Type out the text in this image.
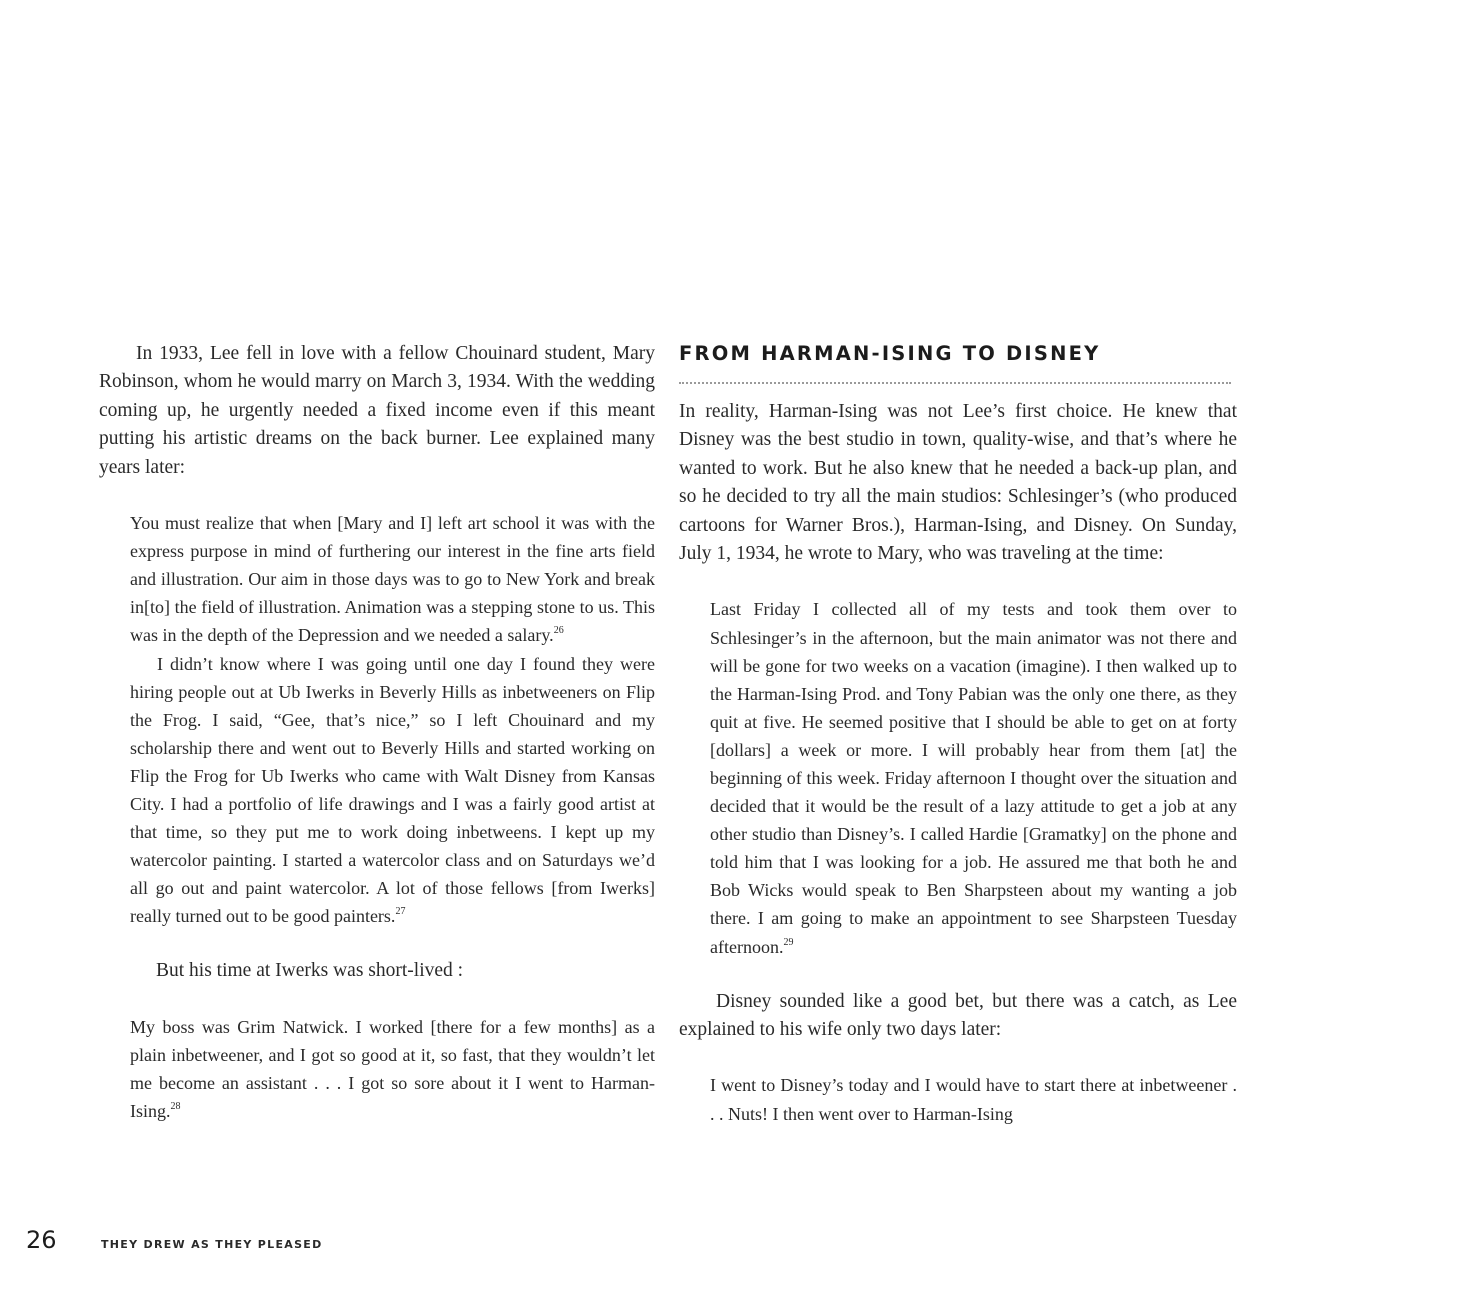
In 1933, Lee fell in love with a fellow Chouinard student, Mary Robinson, whom he would marry on March 3, 1934. With the wedding coming up, he urgently needed a fixed income even if this meant putting his artistic dreams on the back burner. Lee explained many years later:

You must realize that when [Mary and I] left art school it was with the express purpose in mind of furthering our interest in the fine arts field and illustration. Our aim in those days was to go to New York and break in[to] the field of illustration. Animation was a stepping stone to us. This was in the depth of the Depression and we needed a salary.$^{26}$

I didn’t know where I was going until one day I found they were hiring people out at Ub Iwerks in Beverly Hills as inbetweeners on Flip the Frog. I said, “Gee, that’s nice,” so I left Chouinard and my scholarship there and went out to Beverly Hills and started working on Flip the Frog for Ub Iwerks who came with Walt Disney from Kansas City. I had a portfolio of life drawings and I was a fairly good artist at that time, so they put me to work doing inbetweens. I kept up my watercolor painting. I started a watercolor class and on Saturdays we’d all go out and paint watercolor. A lot of those fellows [from Iwerks] really turned out to be good painters.$^{27}$

But his time at Iwerks was short-lived :

My boss was Grim Natwick. I worked [there for a few months] as a plain inbetweener, and I got so good at it, so fast, that they wouldn’t let me become an assistant . . . I got so sore about it I went to Harman-Ising.$^{28}$

FROM HARMAN-ISING TO DISNEY

In reality, Harman-Ising was not Lee’s first choice. He knew that Disney was the best studio in town, quality-wise, and that’s where he wanted to work. But he also knew that he needed a back-up plan, and so he decided to try all the main studios: Schlesinger’s (who produced cartoons for Warner Bros.), Harman-Ising, and Disney. On Sunday, July 1, 1934, he wrote to Mary, who was traveling at the time:

Last Friday I collected all of my tests and took them over to Schlesinger’s in the afternoon, but the main animator was not there and will be gone for two weeks on a vacation (imagine). I then walked up to the Harman-Ising Prod. and Tony Pabian was the only one there, as they quit at five. He seemed positive that I should be able to get on at forty [dollars] a week or more. I will probably hear from them [at] the beginning of this week. Friday afternoon I thought over the situation and decided that it would be the result of a lazy attitude to get a job at any other studio than Disney’s. I called Hardie [Gramatky] on the phone and told him that I was looking for a job. He assured me that both he and Bob Wicks would speak to Ben Sharpsteen about my wanting a job there. I am going to make an appointment to see Sharpsteen Tuesday afternoon.$^{29}$

Disney sounded like a good bet, but there was a catch, as Lee explained to his wife only two days later:

I went to Disney’s today and I would have to start there at inbetweener . . . Nuts! I then went over to Harman-Ising

26	THEY DREW AS THEY PLEASED
